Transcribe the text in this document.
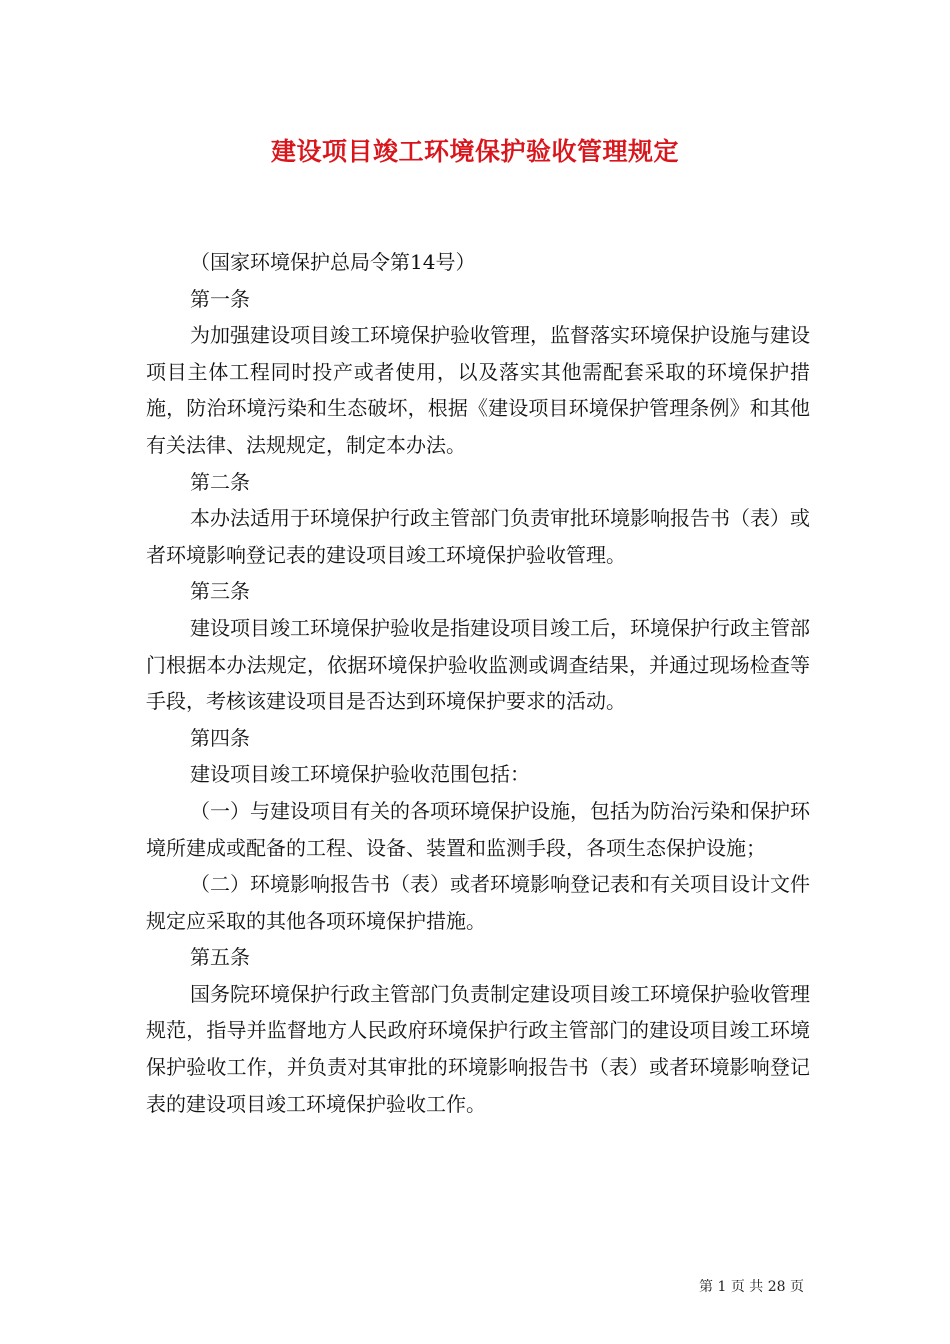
建设项目竣工环境保护验收管理规定

（国家环境保护总局令第14号）

第一条

为加强建设项目竣工环境保护验收管理，监督落实环境保护设施与建设项目主体工程同时投产或者使用，以及落实其他需配套采取的环境保护措施，防治环境污染和生态破坏，根据《建设项目环境保护管理条例》和其他有关法律、法规规定，制定本办法。

第二条

本办法适用于环境保护行政主管部门负责审批环境影响报告书（表）或者环境影响登记表的建设项目竣工环境保护验收管理。

第三条

建设项目竣工环境保护验收是指建设项目竣工后，环境保护行政主管部门根据本办法规定，依据环境保护验收监测或调查结果，并通过现场检查等手段，考核该建设项目是否达到环境保护要求的活动。

第四条

建设项目竣工环境保护验收范围包括：

（一）与建设项目有关的各项环境保护设施，包括为防治污染和保护环境所建成或配备的工程、设备、装置和监测手段，各项生态保护设施；

（二）环境影响报告书（表）或者环境影响登记表和有关项目设计文件规定应采取的其他各项环境保护措施。

第五条

国务院环境保护行政主管部门负责制定建设项目竣工环境保护验收管理规范，指导并监督地方人民政府环境保护行政主管部门的建设项目竣工环境保护验收工作，并负责对其审批的环境影响报告书（表）或者环境影响登记表的建设项目竣工环境保护验收工作。

第 1 页 共 28 页
